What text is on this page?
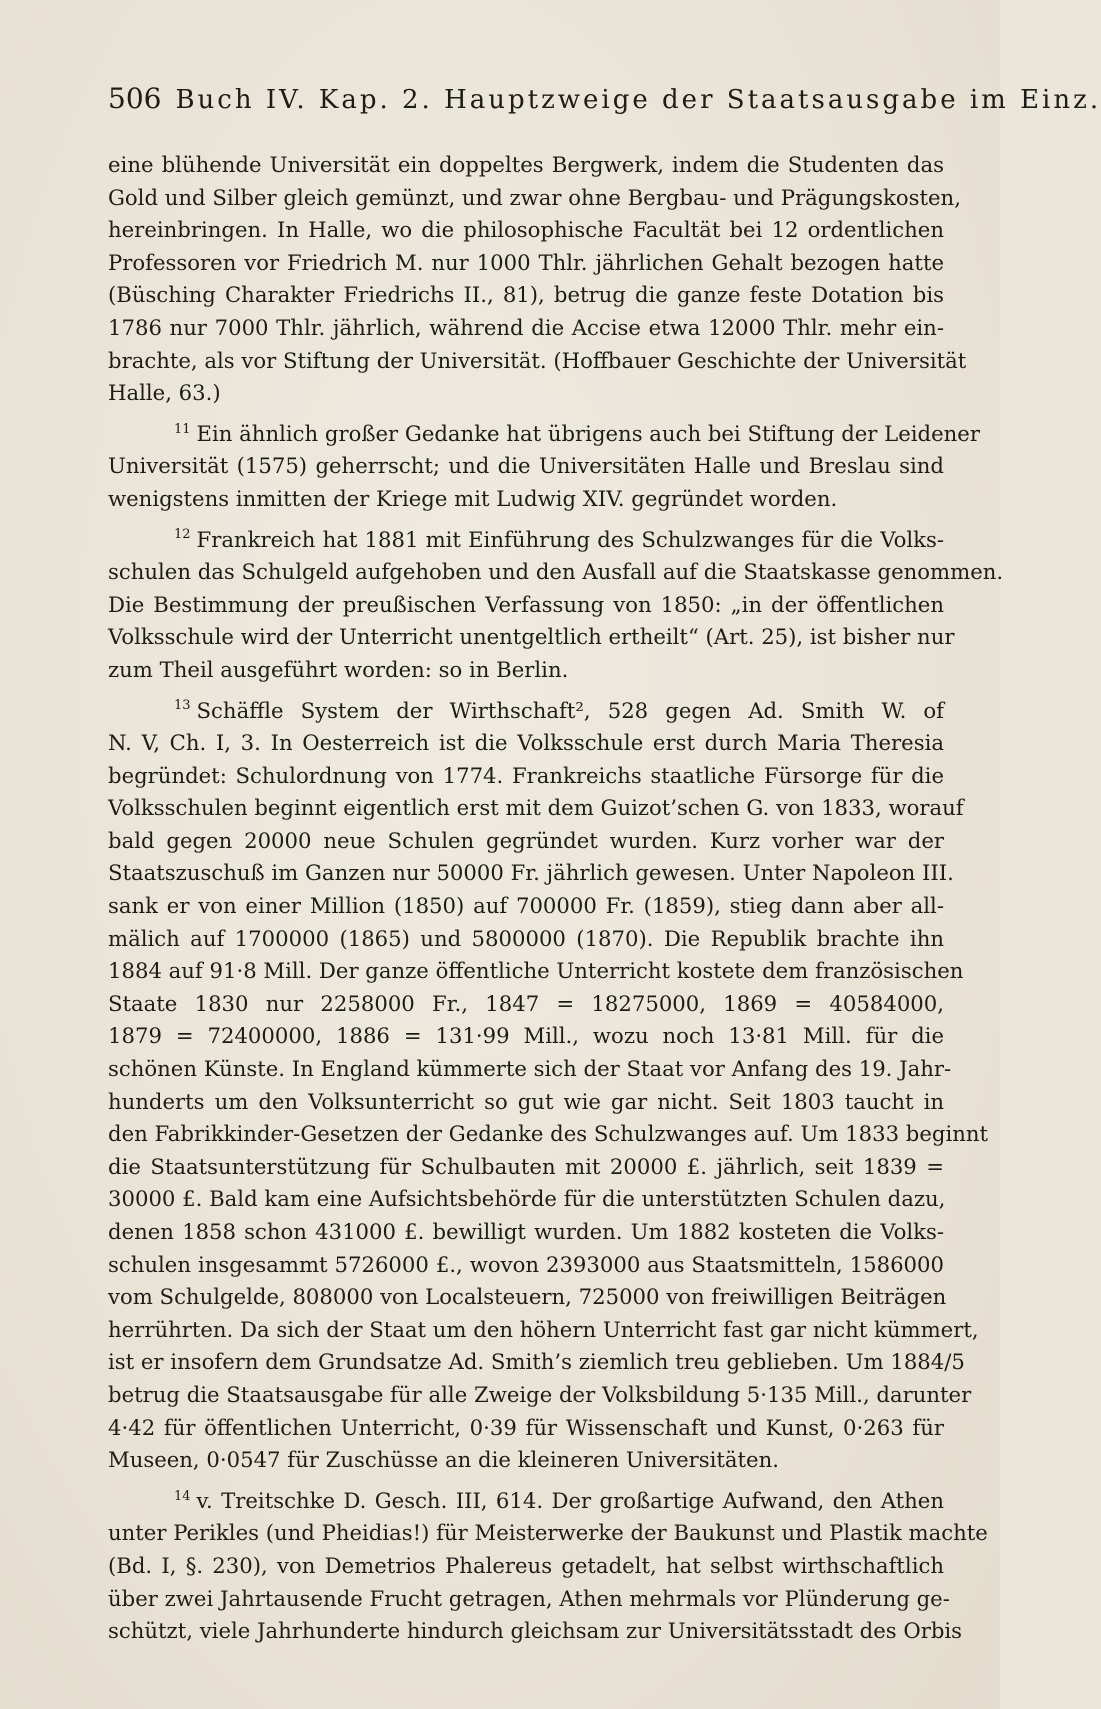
506 Buch IV. Kap. 2. Hauptzweige der Staatsausgabe im Einz.
eine blühende Universität ein doppeltes Bergwerk, indem die Studenten das
Gold und Silber gleich gemünzt, und zwar ohne Bergbau- und Prägungskosten,
hereinbringen. In Halle, wo die philosophische Facultät bei 12 ordentlichen
Professoren vor Friedrich M. nur 1000 Thlr. jährlichen Gehalt bezogen hatte
(Büsching Charakter Friedrichs II., 81), betrug die ganze feste Dotation bis
1786 nur 7000 Thlr. jährlich, während die Accise etwa 12000 Thlr. mehr ein-
brachte, als vor Stiftung der Universität. (Hoffbauer Geschichte der Universität
Halle, 63.)
$^{11}$ Ein ähnlich großer Gedanke hat übrigens auch bei Stiftung der Leidener
Universität (1575) geherrscht; und die Universitäten Halle und Breslau sind
wenigstens inmitten der Kriege mit Ludwig XIV. gegründet worden.
$^{12}$ Frankreich hat 1881 mit Einführung des Schulzwanges für die Volks-
schulen das Schulgeld aufgehoben und den Ausfall auf die Staatskasse genommen.
Die Bestimmung der preußischen Verfassung von 1850: „in der öffentlichen
Volksschule wird der Unterricht unentgeltlich ertheilt“ (Art. 25), ist bisher nur
zum Theil ausgeführt worden: so in Berlin.
$^{13}$ Schäffle System der Wirthschaft², 528 gegen Ad. Smith W. of
N. V, Ch. I, 3. In Oesterreich ist die Volksschule erst durch Maria Theresia
begründet: Schulordnung von 1774. Frankreichs staatliche Fürsorge für die
Volksschulen beginnt eigentlich erst mit dem Guizot’schen G. von 1833, worauf
bald gegen 20000 neue Schulen gegründet wurden. Kurz vorher war der
Staatszuschuß im Ganzen nur 50000 Fr. jährlich gewesen. Unter Napoleon III.
sank er von einer Million (1850) auf 700000 Fr. (1859), stieg dann aber all-
mälich auf 1700000 (1865) und 5800000 (1870). Die Republik brachte ihn
1884 auf 91·8 Mill. Der ganze öffentliche Unterricht kostete dem französischen
Staate 1830 nur 2258000 Fr., 1847 = 18275000, 1869 = 40584000,
1879 = 72400000, 1886 = 131·99 Mill., wozu noch 13·81 Mill. für die
schönen Künste. In England kümmerte sich der Staat vor Anfang des 19. Jahr-
hunderts um den Volksunterricht so gut wie gar nicht. Seit 1803 taucht in
den Fabrikkinder-Gesetzen der Gedanke des Schulzwanges auf. Um 1833 beginnt
die Staatsunterstützung für Schulbauten mit 20000 £. jährlich, seit 1839 =
30000 £. Bald kam eine Aufsichtsbehörde für die unterstützten Schulen dazu,
denen 1858 schon 431000 £. bewilligt wurden. Um 1882 kosteten die Volks-
schulen insgesammt 5726000 £., wovon 2393000 aus Staatsmitteln, 1586000
vom Schulgelde, 808000 von Localsteuern, 725000 von freiwilligen Beiträgen
herrührten. Da sich der Staat um den höhern Unterricht fast gar nicht kümmert,
ist er insofern dem Grundsatze Ad. Smith’s ziemlich treu geblieben. Um 1884/5
betrug die Staatsausgabe für alle Zweige der Volksbildung 5·135 Mill., darunter
4·42 für öffentlichen Unterricht, 0·39 für Wissenschaft und Kunst, 0·263 für
Museen, 0·0547 für Zuschüsse an die kleineren Universitäten.
$^{14}$ v. Treitschke D. Gesch. III, 614. Der großartige Aufwand, den Athen
unter Perikles (und Pheidias!) für Meisterwerke der Baukunst und Plastik machte
(Bd. I, §. 230), von Demetrios Phalereus getadelt, hat selbst wirthschaftlich
über zwei Jahrtausende Frucht getragen, Athen mehrmals vor Plünderung ge-
schützt, viele Jahrhunderte hindurch gleichsam zur Universitätsstadt des Orbis
